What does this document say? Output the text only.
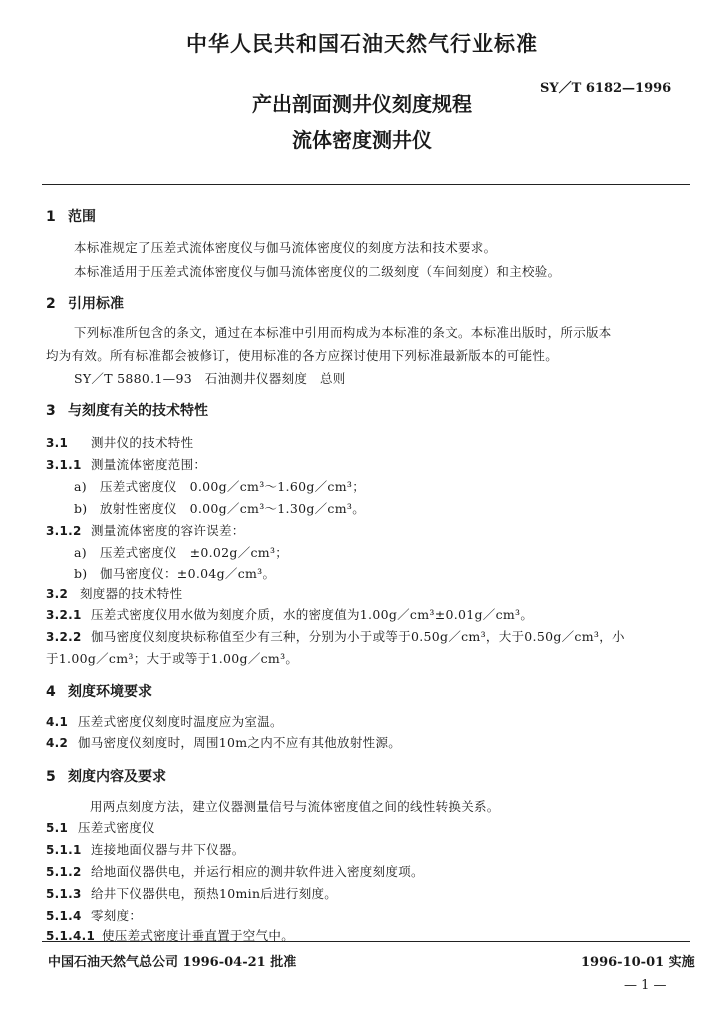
中华人民共和国石油天然气行业标准
SY／T 6182—1996
产出剖面测井仪刻度规程
流体密度测井仪
1 范围
本标准规定了压差式流体密度仪与伽马流体密度仪的刻度方法和技术要求。
本标准适用于压差式流体密度仪与伽马流体密度仪的二级刻度（车间刻度）和主校验。
2 引用标准
下列标准所包含的条文，通过在本标准中引用而构成为本标准的条文。本标准出版时，所示版本
均为有效。所有标准都会被修订，使用标准的各方应探讨使用下列标准最新版本的可能性。
SY／T 5880.1—93　石油测井仪器刻度　总则
3 与刻度有关的技术特性
3.1 测井仪的技术特性
3.1.1 测量流体密度范围：
a) 压差式密度仪　0.00g／cm³～1.60g／cm³；
b) 放射性密度仪　0.00g／cm³～1.30g／cm³。
3.1.2 测量流体密度的容许误差：
a) 压差式密度仪　±0.02g／cm³；
b) 伽马密度仪：±0.04g／cm³。
3.2 刻度器的技术特性
3.2.1 压差式密度仪用水做为刻度介质，水的密度值为1.00g／cm³±0.01g／cm³。
3.2.2 伽马密度仪刻度块标称值至少有三种，分别为小于或等于0.50g／cm³，大于0.50g／cm³，小
于1.00g／cm³；大于或等于1.00g／cm³。
4 刻度环境要求
4.1 压差式密度仪刻度时温度应为室温。
4.2 伽马密度仪刻度时，周围10m之内不应有其他放射性源。
5 刻度内容及要求
用两点刻度方法，建立仪器测量信号与流体密度值之间的线性转换关系。
5.1 压差式密度仪
5.1.1 连接地面仪器与井下仪器。
5.1.2 给地面仪器供电，并运行相应的测井软件进入密度刻度项。
5.1.3 给井下仪器供电，预热10min后进行刻度。
5.1.4 零刻度：
5.1.4.1 使压差式密度计垂直置于空气中。
中国石油天然气总公司 1996-04-21 批准	1996-10-01 实施
— 1 —
